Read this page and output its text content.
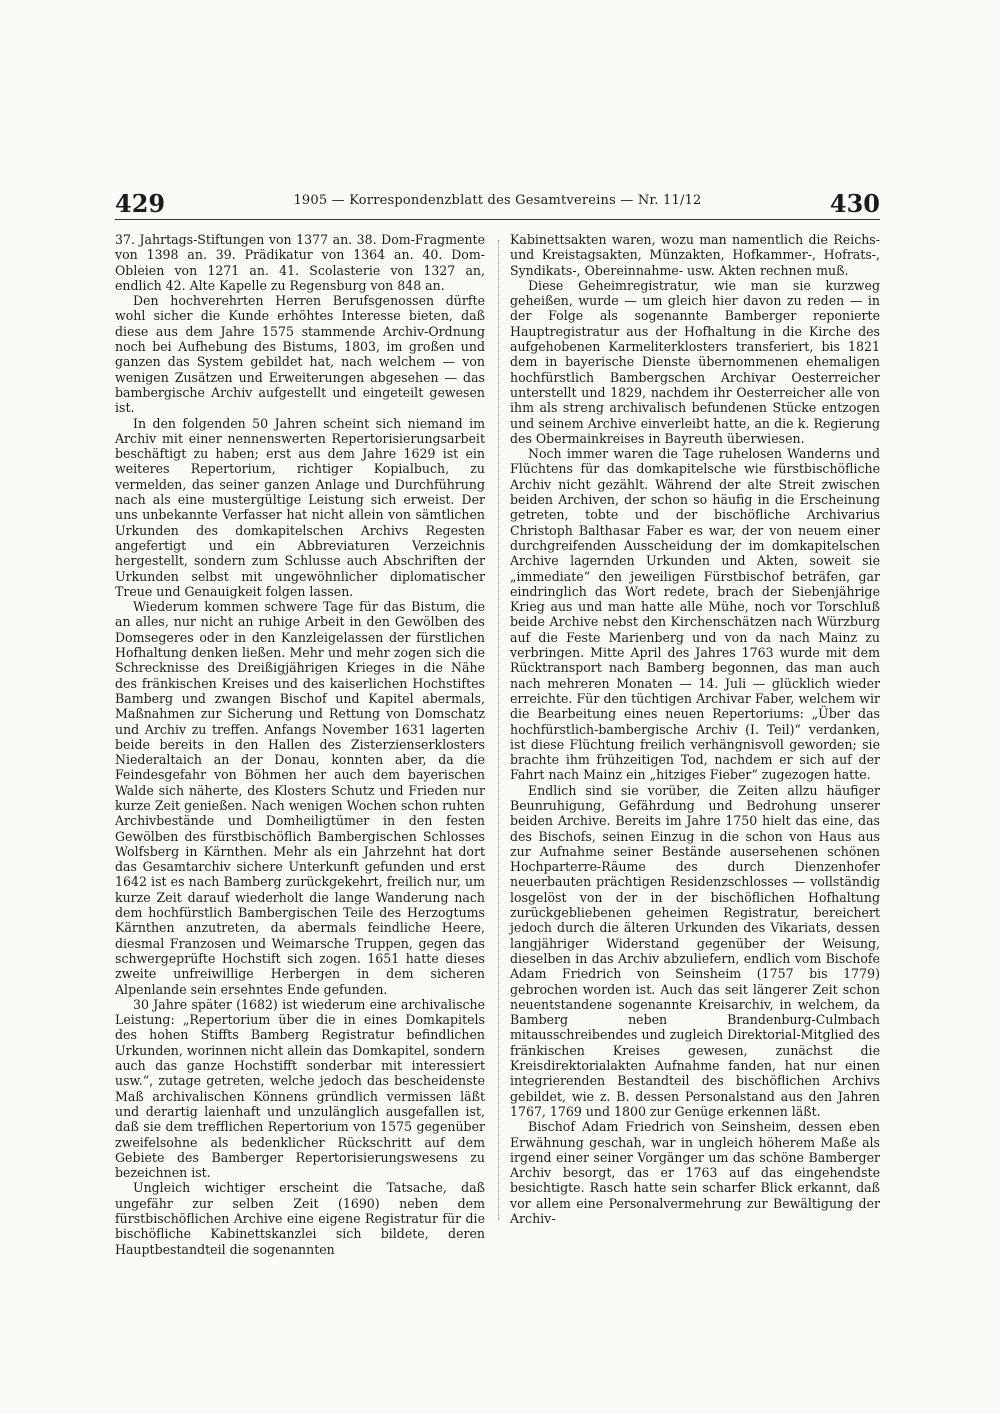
429	1905 — Korrespondenzblatt des Gesamtvereins — Nr. 11/12	430

37. Jahrtags-Stiftungen von 1377 an. 38. Dom-Fragmente von 1398 an. 39. Prädikatur von 1364 an. 40. Dom-Obleien von 1271 an. 41. Scolasterie von 1327 an, endlich 42. Alte Kapelle zu Regensburg von 848 an.

Den hochverehrten Herren Berufsgenossen dürfte wohl sicher die Kunde erhöhtes Interesse bieten, daß diese aus dem Jahre 1575 stammende Archiv-Ordnung noch bei Aufhebung des Bistums, 1803, im großen und ganzen das System gebildet hat, nach welchem — von wenigen Zusätzen und Erweiterungen abgesehen — das bambergische Archiv aufgestellt und eingeteilt gewesen ist.

In den folgenden 50 Jahren scheint sich niemand im Archiv mit einer nennenswerten Repertorisierungsarbeit beschäftigt zu haben; erst aus dem Jahre 1629 ist ein weiteres Repertorium, richtiger Kopialbuch, zu vermelden, das seiner ganzen Anlage und Durchführung nach als eine mustergültige Leistung sich erweist. Der uns unbekannte Verfasser hat nicht allein von sämtlichen Urkunden des domkapitelschen Archivs Regesten angefertigt und ein Abbreviaturen Verzeichnis hergestellt, sondern zum Schlusse auch Abschriften der Urkunden selbst mit ungewöhnlicher diplomatischer Treue und Genauigkeit folgen lassen.

Wiederum kommen schwere Tage für das Bistum, die an alles, nur nicht an ruhige Arbeit in den Gewölben des Domsegeres oder in den Kanzleigelassen der fürstlichen Hofhaltung denken ließen. Mehr und mehr zogen sich die Schrecknisse des Dreißigjährigen Krieges in die Nähe des fränkischen Kreises und des kaiserlichen Hochstiftes Bamberg und zwangen Bischof und Kapitel abermals, Maßnahmen zur Sicherung und Rettung von Domschatz und Archiv zu treffen. Anfangs November 1631 lagerten beide bereits in den Hallen des Zisterzienserklosters Niederaltaich an der Donau, konnten aber, da die Feindesgefahr von Böhmen her auch dem bayerischen Walde sich näherte, des Klosters Schutz und Frieden nur kurze Zeit genießen. Nach wenigen Wochen schon ruhten Archivbestände und Domheiligtümer in den festen Gewölben des fürstbischöflich Bambergischen Schlosses Wolfsberg in Kärnthen. Mehr als ein Jahrzehnt hat dort das Gesamtarchiv sichere Unterkunft gefunden und erst 1642 ist es nach Bamberg zurückgekehrt, freilich nur, um kurze Zeit darauf wiederholt die lange Wanderung nach dem hochfürstlich Bambergischen Teile des Herzogtums Kärnthen anzutreten, da abermals feindliche Heere, diesmal Franzosen und Weimarsche Truppen, gegen das schwergeprüfte Hochstift sich zogen. 1651 hatte dieses zweite unfreiwillige Herbergen in dem sicheren Alpenlande sein ersehntes Ende gefunden.

30 Jahre später (1682) ist wiederum eine archivalische Leistung: „Repertorium über die in eines Domkapitels des hohen Stiffts Bamberg Registratur befindlichen Urkunden, worinnen nicht allein das Domkapitel, sondern auch das ganze Hochstifft sonderbar mit interessiert usw.“, zutage getreten, welche jedoch das bescheidenste Maß archivalischen Könnens gründlich vermissen läßt und derartig laienhaft und unzulänglich ausgefallen ist, daß sie dem trefflichen Repertorium von 1575 gegenüber zweifelsohne als bedenklicher Rückschritt auf dem Gebiete des Bamberger Repertorisierungswesens zu bezeichnen ist.

Ungleich wichtiger erscheint die Tatsache, daß ungefähr zur selben Zeit (1690) neben dem fürstbischöflichen Archive eine eigene Registratur für die bischöfliche Kabinettskanzlei sich bildete, deren Hauptbestandteil die sogenannten

Kabinettsakten waren, wozu man namentlich die Reichs- und Kreistagsakten, Münzakten, Hofkammer-, Hofrats-, Syndikats-, Obereinnahme- usw. Akten rechnen muß.

Diese Geheimregistratur, wie man sie kurzweg geheißen, wurde — um gleich hier davon zu reden — in der Folge als sogenannte Bamberger reponierte Hauptregistratur aus der Hofhaltung in die Kirche des aufgehobenen Karmeliterklosters transferiert, bis 1821 dem in bayerische Dienste übernommenen ehemaligen hochfürstlich Bambergschen Archivar Oesterreicher unterstellt und 1829, nachdem ihr Oesterreicher alle von ihm als streng archivalisch befundenen Stücke entzogen und seinem Archive einverleibt hatte, an die k. Regierung des Obermainkreises in Bayreuth überwiesen.

Noch immer waren die Tage ruhelosen Wanderns und Flüchtens für das domkapitelsche wie fürstbischöfliche Archiv nicht gezählt. Während der alte Streit zwischen beiden Archiven, der schon so häufig in die Erscheinung getreten, tobte und der bischöfliche Archivarius Christoph Balthasar Faber es war, der von neuem einer durchgreifenden Ausscheidung der im domkapitelschen Archive lagernden Urkunden und Akten, soweit sie „immediate“ den jeweiligen Fürstbischof beträfen, gar eindringlich das Wort redete, brach der Siebenjährige Krieg aus und man hatte alle Mühe, noch vor Torschluß beide Archive nebst den Kirchenschätzen nach Würzburg auf die Feste Marienberg und von da nach Mainz zu verbringen. Mitte April des Jahres 1763 wurde mit dem Rücktransport nach Bamberg begonnen, das man auch nach mehreren Monaten — 14. Juli — glücklich wieder erreichte. Für den tüchtigen Archivar Faber, welchem wir die Bearbeitung eines neuen Repertoriums: „Über das hochfürstlich-bambergische Archiv (I. Teil)“ verdanken, ist diese Flüchtung freilich verhängnisvoll geworden; sie brachte ihm frühzeitigen Tod, nachdem er sich auf der Fahrt nach Mainz ein „hitziges Fieber“ zugezogen hatte.

Endlich sind sie vorüber, die Zeiten allzu häufiger Beunruhigung, Gefährdung und Bedrohung unserer beiden Archive. Bereits im Jahre 1750 hielt das eine, das des Bischofs, seinen Einzug in die schon von Haus aus zur Aufnahme seiner Bestände ausersehenen schönen Hochparterre-Räume des durch Dienzenhofer neuerbauten prächtigen Residenzschlosses — vollständig losgelöst von der in der bischöflichen Hofhaltung zurückgebliebenen geheimen Registratur, bereichert jedoch durch die älteren Urkunden des Vikariats, dessen langjähriger Widerstand gegenüber der Weisung, dieselben in das Archiv abzuliefern, endlich vom Bischofe Adam Friedrich von Seinsheim (1757 bis 1779) gebrochen worden ist. Auch das seit längerer Zeit schon neuentstandene sogenannte Kreisarchiv, in welchem, da Bamberg neben Brandenburg-Culmbach mitausschreibendes und zugleich Direktorial-Mitglied des fränkischen Kreises gewesen, zunächst die Kreisdirektorialakten Aufnahme fanden, hat nur einen integrierenden Bestandteil des bischöflichen Archivs gebildet, wie z. B. dessen Personalstand aus den Jahren 1767, 1769 und 1800 zur Genüge erkennen läßt.

Bischof Adam Friedrich von Seinsheim, dessen eben Erwähnung geschah, war in ungleich höherem Maße als irgend einer seiner Vorgänger um das schöne Bamberger Archiv besorgt, das er 1763 auf das eingehendste besichtigte. Rasch hatte sein scharfer Blick erkannt, daß vor allem eine Personalvermehrung zur Bewältigung der Archiv-
